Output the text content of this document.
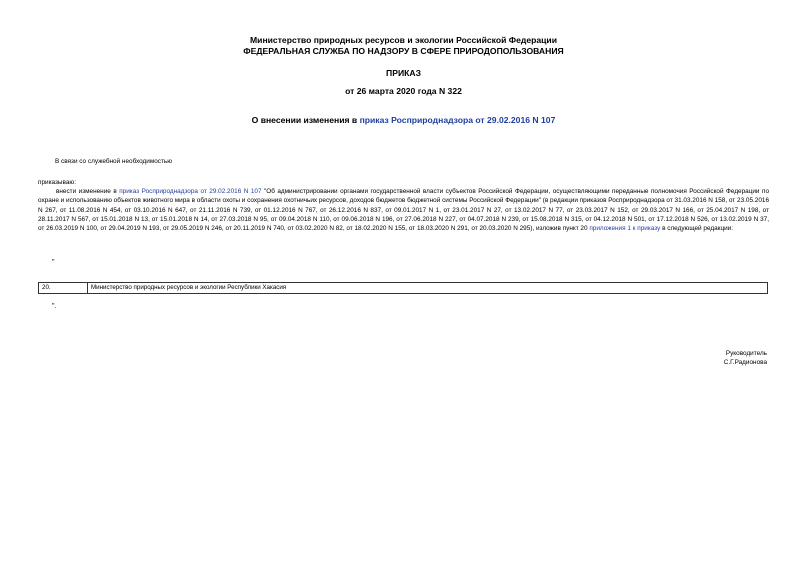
Министерство природных ресурсов и экологии Российской Федерации
ФЕДЕРАЛЬНАЯ СЛУЖБА ПО НАДЗОРУ В СФЕРЕ ПРИРОДОПОЛЬЗОВАНИЯ
ПРИКАЗ
от 26 марта 2020 года N 322
О внесении изменения в приказ Росприроднадзора от 29.02.2016 N 107
В связи со служебной необходимостью
приказываю:
внести изменение в приказ Росприроднадзора от 29.02.2016 N 107 "Об администрировании органами государственной власти субъектов Российской Федерации, осуществляющими переданные полномочия Российской Федерации по охране и использованию объектов животного мира в области охоты и сохранения охотничьих ресурсов, доходов бюджетов бюджетной системы Российской Федерации" (в редакции приказов Росприроднадзора от 31.03.2016 N 158, от 23.05.2016 N 267, от 11.08.2016 N 454, от 03.10.2016 N 647, от 21.11.2016 N 739, от 01.12.2016 N 767, от 26.12.2016 N 837, от 09.01.2017 N 1, от 23.01.2017 N 27, от 13.02.2017 N 77, от 23.03.2017 N 152, от 29.03.2017 N 166, от 25.04.2017 N 198, от 28.11.2017 N 567, от 15.01.2018 N 13, от 15.01.2018 N 14, от 27.03.2018 N 95, от 09.04.2018 N 110, от 09.06.2018 N 196, от 27.06.2018 N 227, от 04.07.2018 N 239, от 15.08.2018 N 315, от 04.12.2018 N 501, от 17.12.2018 N 526, от 13.02.2019 N 37, от 26.03.2019 N 100, от 29.04.2019 N 193, от 29.05.2019 N 246, от 20.11.2019 N 740, от 03.02.2020 N 82, от 18.02.2020 N 155, от 18.03.2020 N 291, от 20.03.2020 N 295), изложив пункт 20 приложения 1 к приказу в следующей редакции:
"
20.	Министерство природных ресурсов и экологии Республики Хакасия
".
Руководитель
С.Г.Радионова
